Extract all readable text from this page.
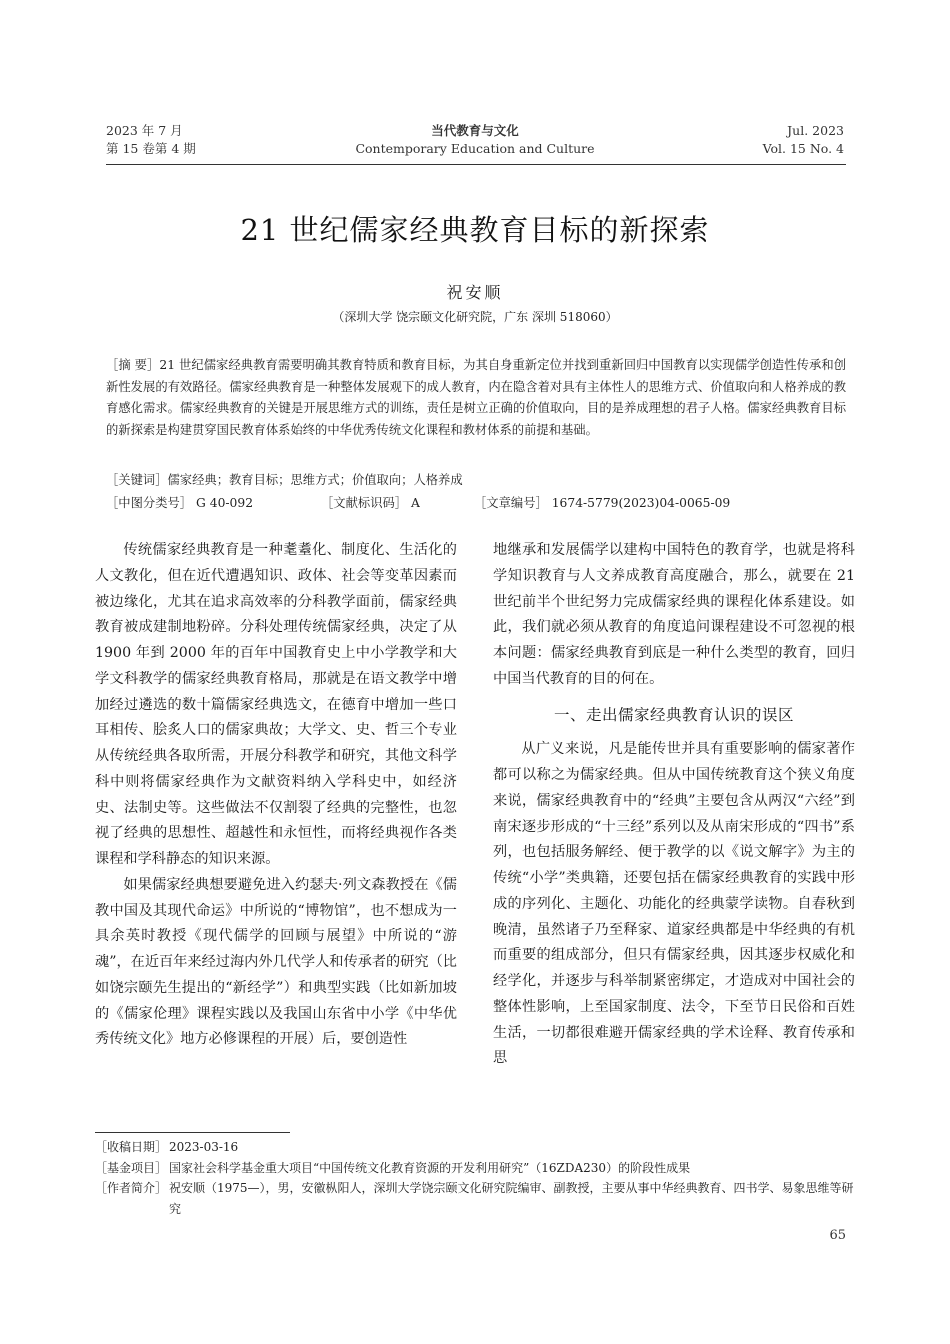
2023 年 7 月
第 15 卷第 4 期
当代教育与文化
Contemporary Education and Culture
Jul. 2023
Vol. 15 No. 4
21 世纪儒家经典教育目标的新探索
祝安顺
（深圳大学 饶宗颐文化研究院，广东 深圳 518060）
［摘 要］21 世纪儒家经典教育需要明确其教育特质和教育目标，为其自身重新定位并找到重新回归中国教育以实现儒学创造性传承和创新性发展的有效路径。儒家经典教育是一种整体发展观下的成人教育，内在隐含着对具有主体性人的思维方式、价值取向和人格养成的教育感化需求。儒家经典教育的关键是开展思维方式的训练，责任是树立正确的价值取向，目的是养成理想的君子人格。儒家经典教育目标的新探索是构建贯穿国民教育体系始终的中华优秀传统文化课程和教材体系的前提和基础。
［关键词］儒家经典；教育目标；思维方式；价值取向；人格养成
［中图分类号］ G 40-092	［文献标识码］ A	［文章编号］ 1674-5779(2023)04-0065-09

传统儒家经典教育是一种耄耋化、制度化、生活化的人文教化，但在近代遭遇知识、政体、社会等变革因素而被边缘化，尤其在追求高效率的分科教学面前，儒家经典教育被成建制地粉碎。分科处理传统儒家经典，决定了从 1900 年到 2000 年的百年中国教育史上中小学教学和大学文科教学的儒家经典教育格局，那就是在语文教学中增加经过遴选的数十篇儒家经典选文，在德育中增加一些口耳相传、脍炙人口的儒家典故；大学文、史、哲三个专业从传统经典各取所需，开展分科教学和研究，其他文科学科中则将儒家经典作为文献资料纳入学科史中，如经济史、法制史等。这些做法不仅割裂了经典的完整性，也忽视了经典的思想性、超越性和永恒性，而将经典视作各类课程和学科静态的知识来源。

如果儒家经典想要避免进入约瑟夫·列文森教授在《儒教中国及其现代命运》中所说的“博物馆”，也不想成为一具余英时教授《现代儒学的回顾与展望》中所说的“游魂”，在近百年来经过海内外几代学人和传承者的研究（比如饶宗颐先生提出的“新经学”）和典型实践（比如新加坡的《儒家伦理》课程实践以及我国山东省中小学《中华优秀传统文化》地方必修课程的开展）后，要创造性

地继承和发展儒学以建构中国特色的教育学，也就是将科学知识教育与人文养成教育高度融合，那么，就要在 21 世纪前半个世纪努力完成儒家经典的课程化体系建设。如此，我们就必须从教育的角度追问课程建设不可忽视的根本问题：儒家经典教育到底是一种什么类型的教育，回归中国当代教育的目的何在。

一、走出儒家经典教育认识的误区

从广义来说，凡是能传世并具有重要影响的儒家著作都可以称之为儒家经典。但从中国传统教育这个狭义角度来说，儒家经典教育中的“经典”主要包含从两汉“六经”到南宋逐步形成的“十三经”系列以及从南宋形成的“四书”系列，也包括服务解经、便于教学的以《说文解字》为主的传统“小学”类典籍，还要包括在儒家经典教育的实践中形成的序列化、主题化、功能化的经典蒙学读物。自春秋到晚清，虽然诸子乃至释家、道家经典都是中华经典的有机而重要的组成部分，但只有儒家经典，因其逐步权威化和经学化，并逐步与科举制紧密绑定，才造成对中国社会的整体性影响，上至国家制度、法令，下至节日民俗和百姓生活，一切都很难避开儒家经典的学术诠释、教育传承和思

［收稿日期］ 2023-03-16
［基金项目］ 国家社会科学基金重大项目“中国传统文化教育资源的开发利用研究”（16ZDA230）的阶段性成果
［作者简介］ 祝安顺（1975—），男，安徽枞阳人，深圳大学饶宗颐文化研究院编审、副教授，主要从事中华经典教育、四书学、易象思维等研究
65
